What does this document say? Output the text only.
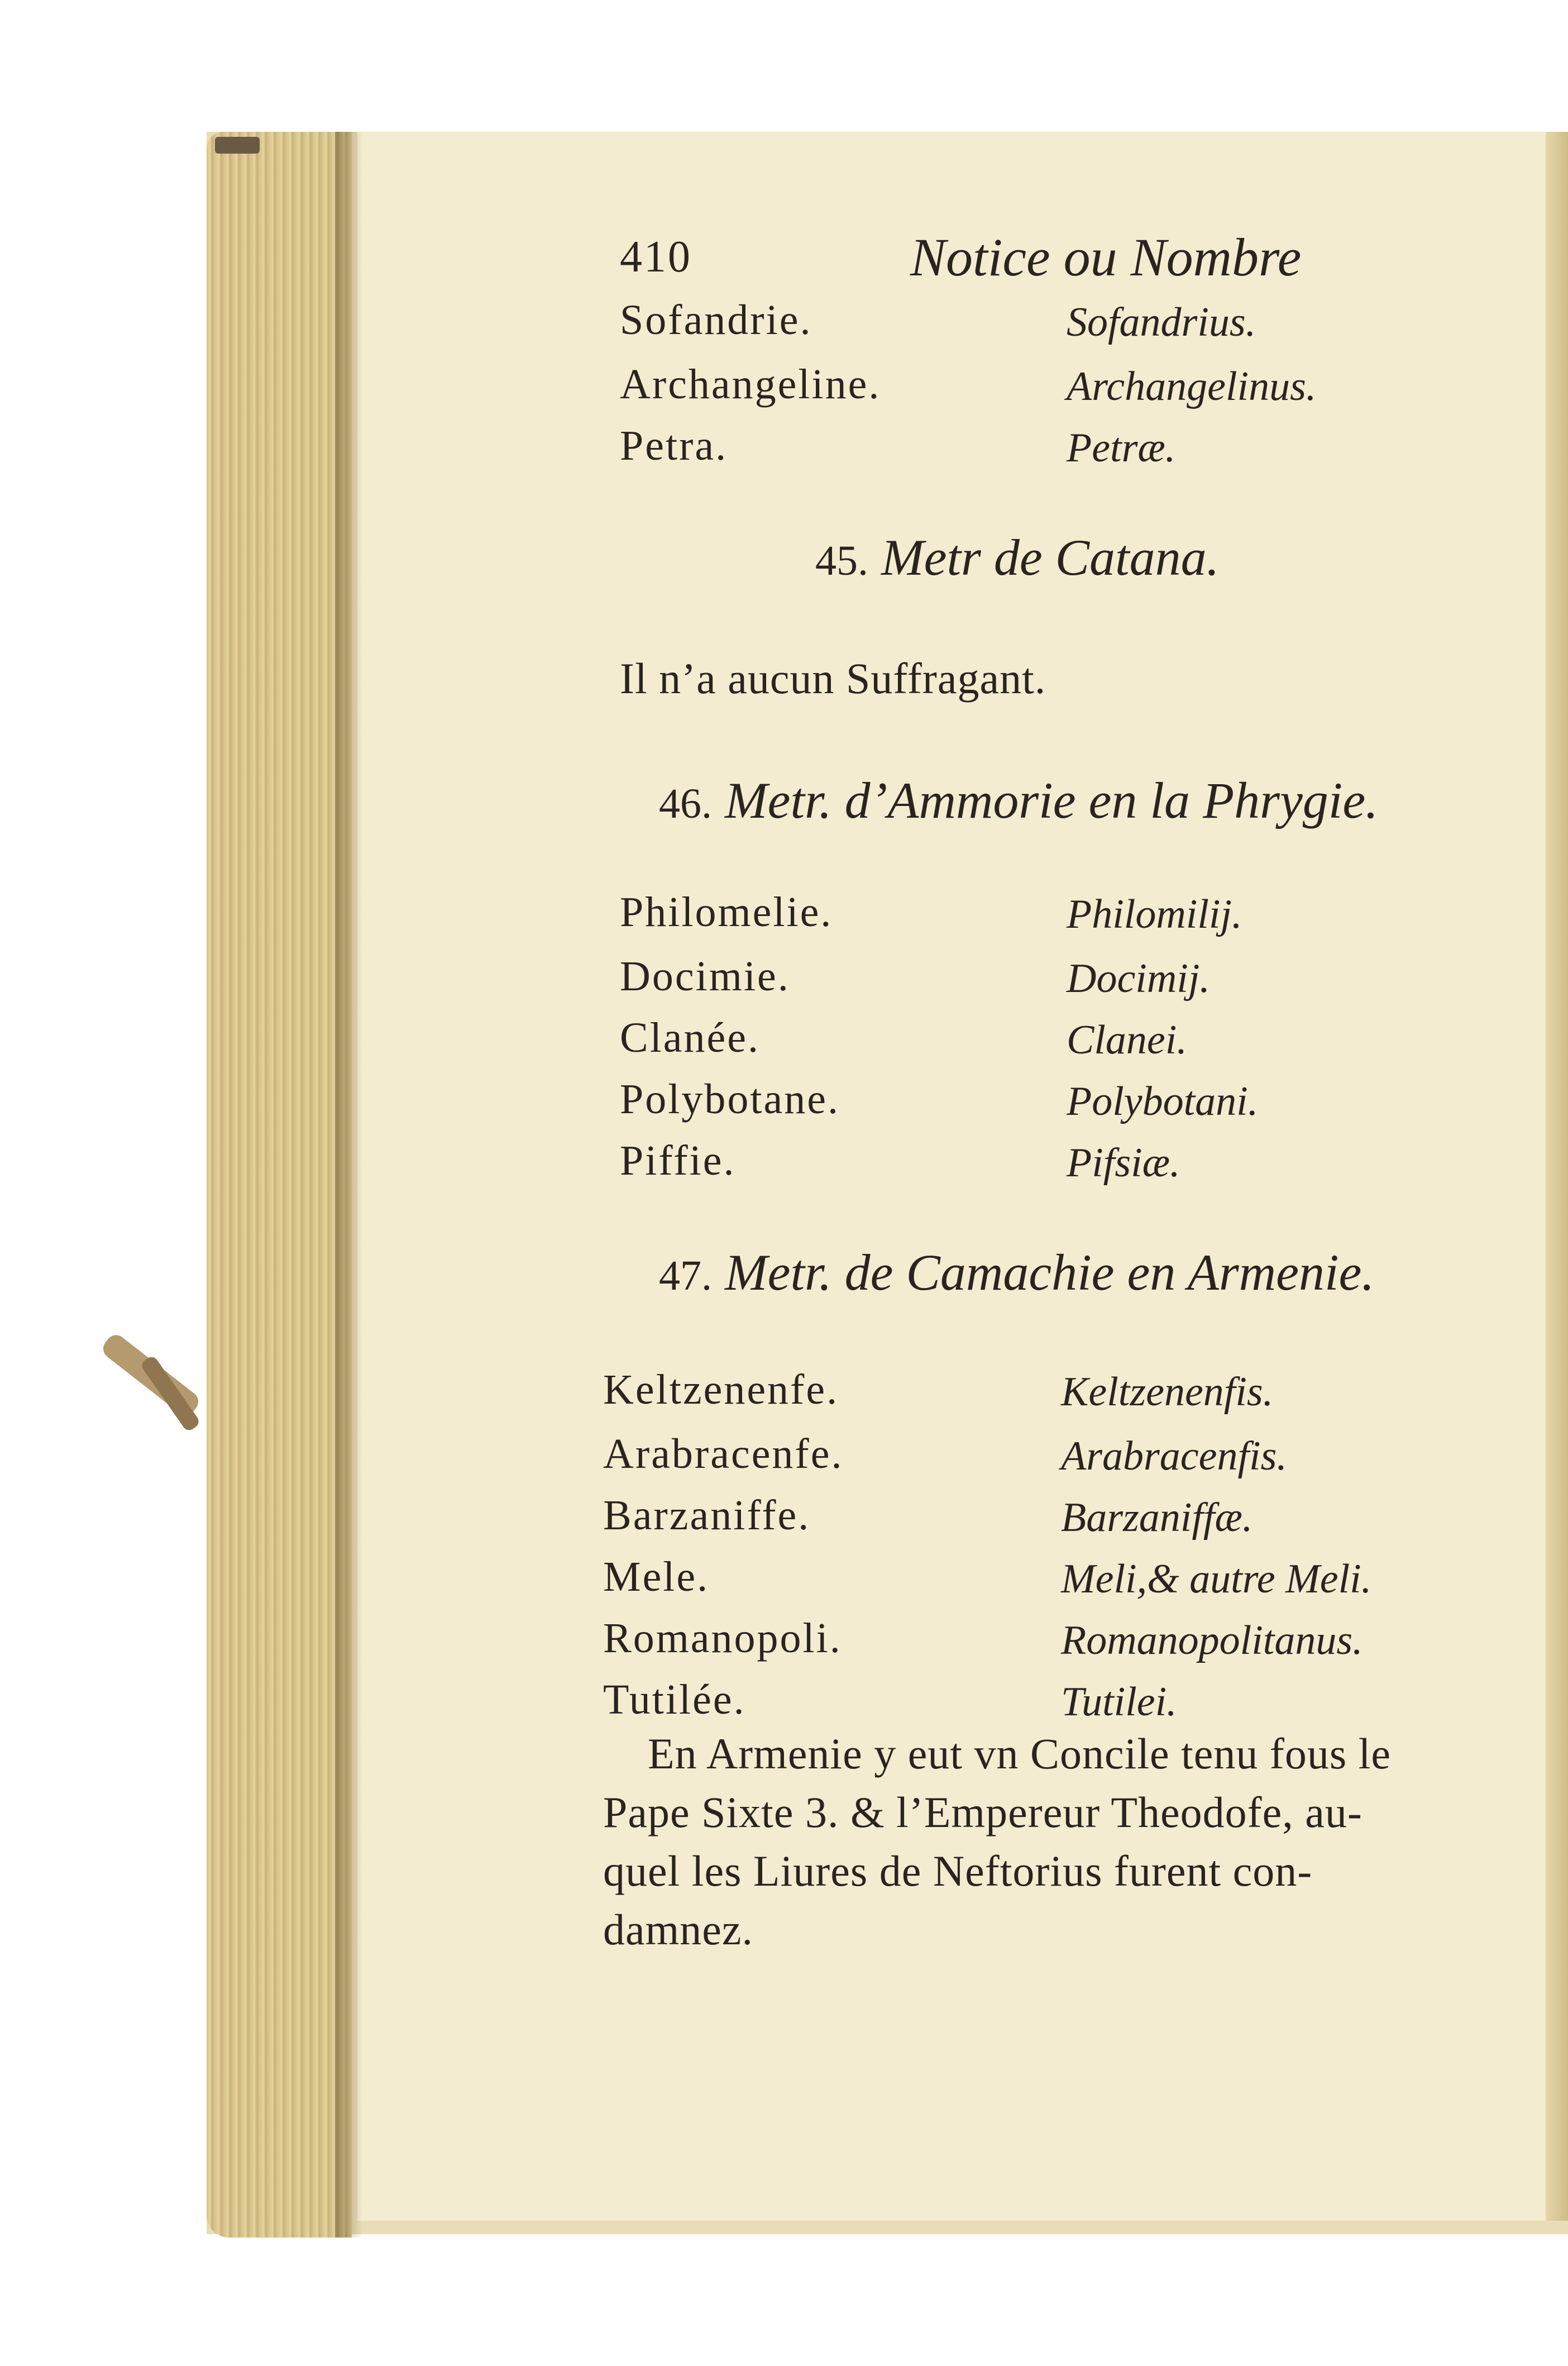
410	Notice ou Nombre
Sofandrie.	Sofandrius.
Archangeline.	Archangelinus.
Petra.	Petræ.
45. Metr de Catana.
Il n’a aucun Suffragant.
46. Metr. d’Ammorie en la Phrygie.
Philomelie.	Philomilij.
Docimie.	Docimij.
Clanée.	Clanei.
Polybotane.	Polybotani.
Piffie.	Pifsiæ.
47. Metr. de Camachie en Armenie.
Keltzenenfe.	Keltzenenfis.
Arabracenfe.	Arabracenfis.
Barzaniffe.	Barzaniffæ.
Mele.	Meli,& autre Meli.
Romanopoli.	Romanopolitanus.
Tutilée.	Tutilei.
En Armenie y eut vn Concile tenu fous le
Pape Sixte 3. & l’Empereur Theodofe, au-
quel les Liures de Neftorius furent con-
damnez.
